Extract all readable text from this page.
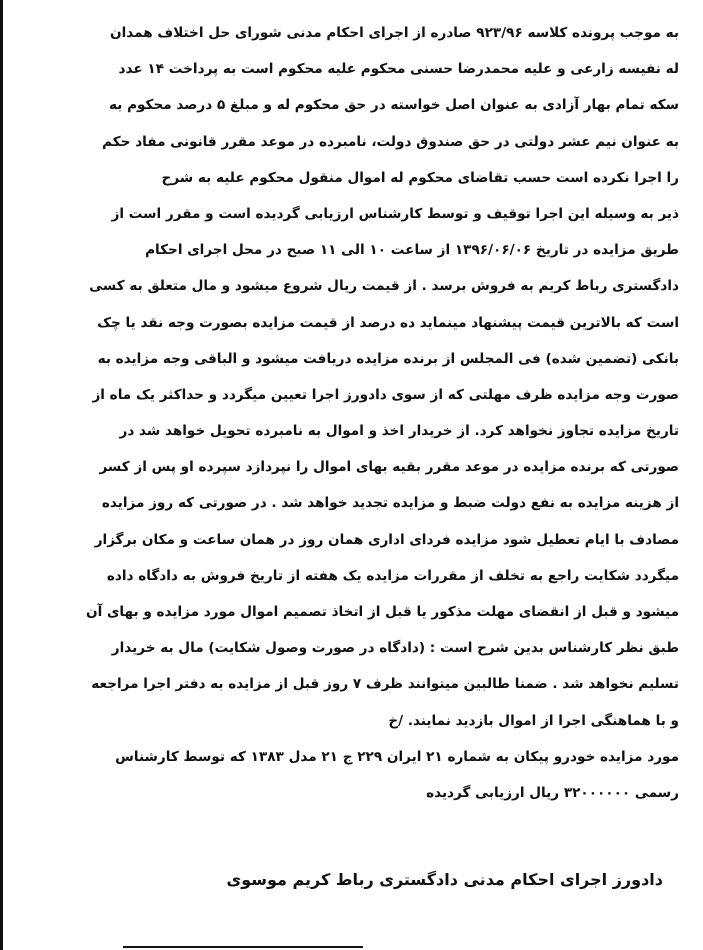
به موجب پرونده کلاسه ۹۲۳/۹۶ صادره از اجرای احکام مدنی شورای حل اختلاف همدان
له نفیسه زارعی و علیه محمدرضا حسنی محکوم علیه محکوم است به پرداخت ۱۴ عدد
سکه تمام بهار آزادی به عنوان اصل خواسته در حق محکوم له و مبلغ ۵ درصد محکوم به
به عنوان نیم عشر دولتی در حق صندوق دولت، نامبرده در موعد مقرر قانونی مفاد حکم
را اجرا نکرده است حسب تقاضای محکوم له اموال منقول محکوم علیه به شرح
ذیر به وسیله این اجرا توقیف و توسط کارشناس ارزیابی گردیده است و مقرر است از
طریق مزایده در تاریخ ۱۳۹۶/۰۶/۰۶ از ساعت ۱۰ الی ۱۱ صبح در محل اجرای احکام
دادگستری رباط کریم به فروش برسد . از قیمت ریال شروع میشود و مال متعلق به کسی
است که بالاترین قیمت پیشنهاد مینماید ده درصد از قیمت مزایده بصورت وجه نقد یا چک
بانکی (تضمین شده) فی المجلس از برنده مزایده دریافت میشود و الباقی وجه مزایده به
صورت وجه مزایده ظرف مهلتی که از سوی دادورز اجرا تعیین میگردد و حداکثر یک ماه از
تاریخ مزایده تجاوز نخواهد کرد. از خریدار اخذ و اموال به نامبرده تحویل خواهد شد در
صورتی که برنده مزایده در موعد مقرر بقیه بهای اموال را نپردازد سپرده او پس از کسر
از هزینه مزایده به نفع دولت ضبط و مزایده تجدید خواهد شد . در صورتی که روز مزایده
مصادف با ایام تعطیل شود مزایده فردای اداری همان روز در همان ساعت و مکان برگزار
میگردد شکایت راجع به تخلف از مقررات مزایده یک هفته از تاریخ فروش به دادگاه داده
میشود و قبل از انقضای مهلت مذکور یا قبل از اتخاذ تصمیم اموال مورد مزایده و بهای آن
طبق نظر کارشناس بدین شرح است : (دادگاه در صورت وصول شکایت) مال به خریدار
تسلیم نخواهد شد . ضمنا طالبین میتوانند ظرف ۷ روز قبل از مزایده به دفتر اجرا مراجعه
و با هماهنگی اجرا از اموال بازدید نمایند. /خ
مورد مزایده خودرو پیکان به شماره ۲۱ ایران ۲۲۹ ج ۲۱ مدل ۱۳۸۳ که توسط کارشناس
رسمی ۳۲۰۰۰۰۰۰ ریال ارزیابی گردیده
دادورز اجرای احکام مدنی دادگستری رباط کریم موسوی
